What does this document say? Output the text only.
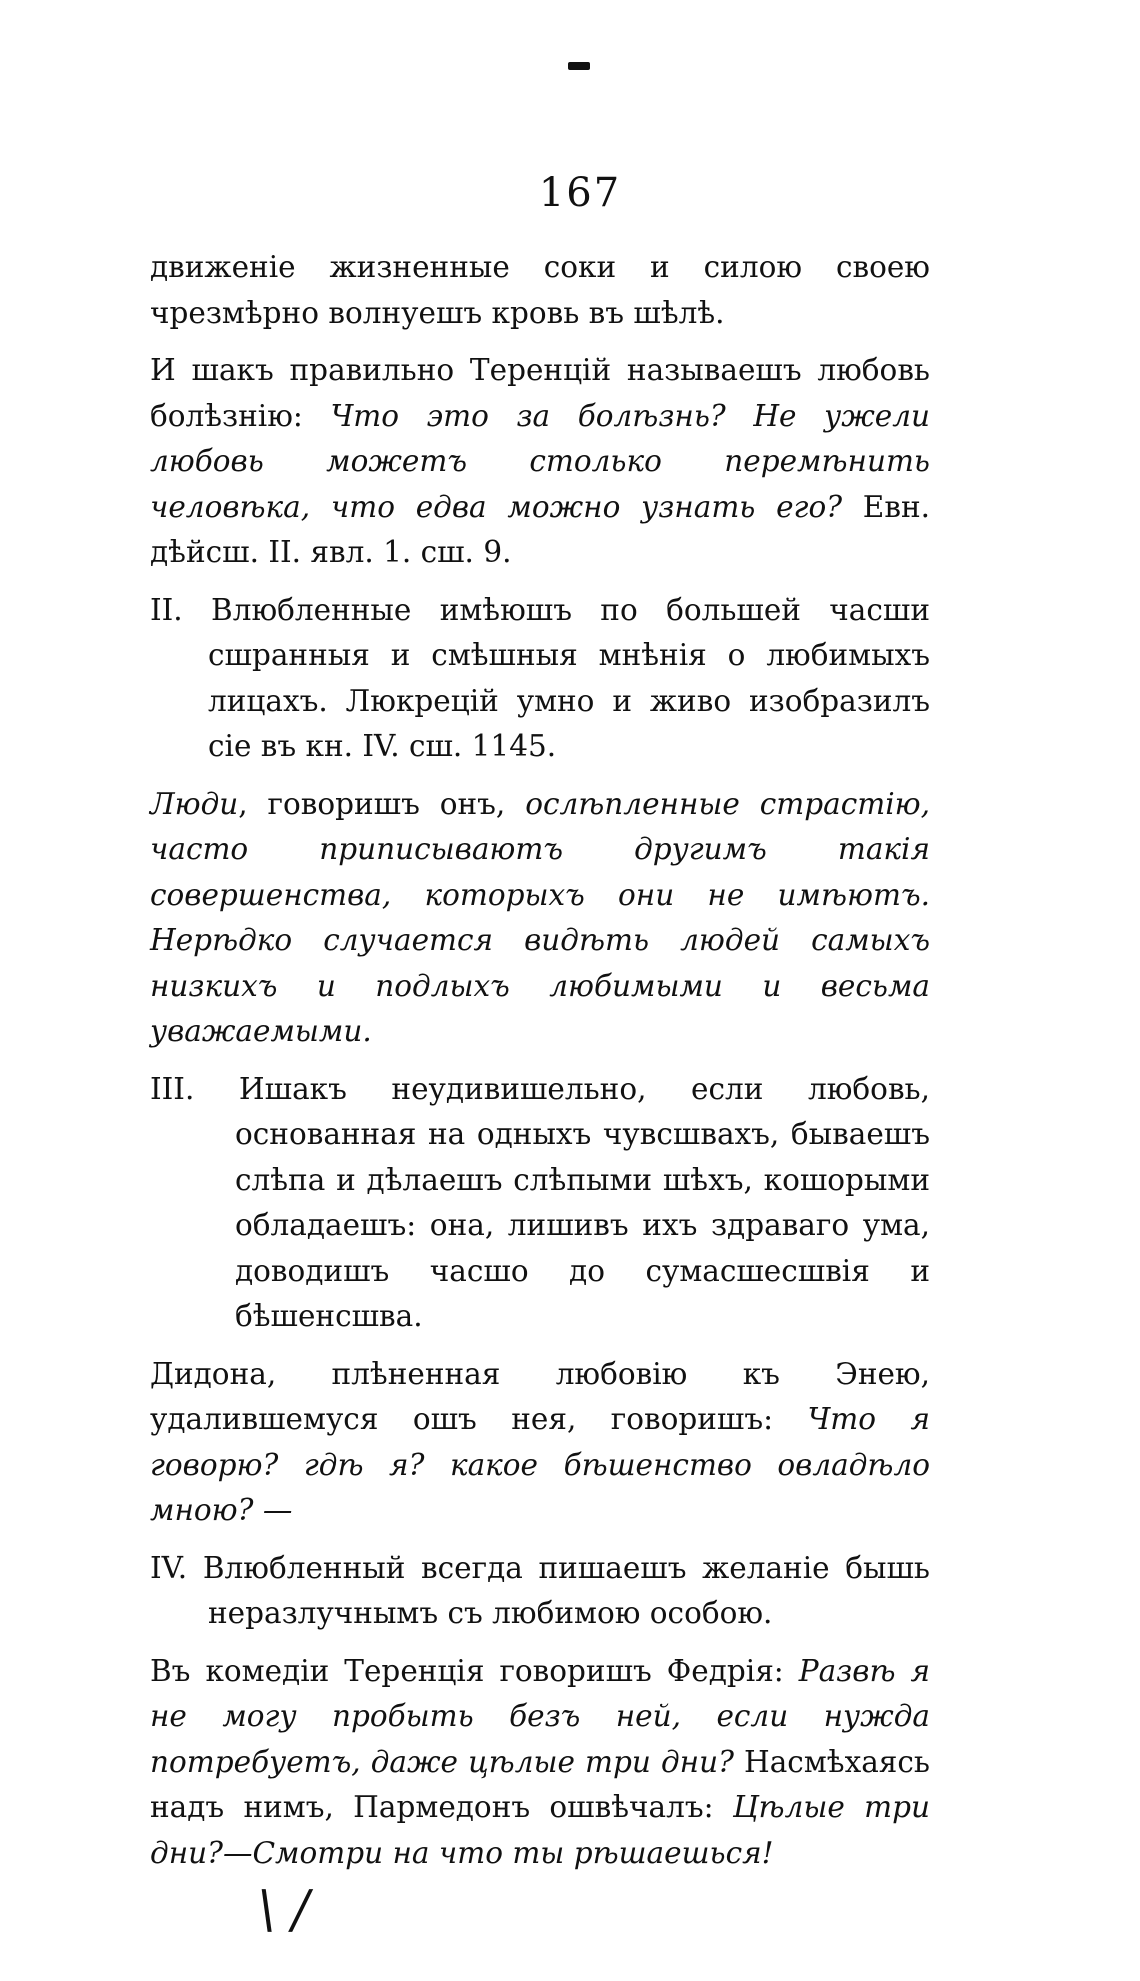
167

движеніе жизненные соки и силою своею чрезмѣрно волнуешъ кровь въ шѣлѣ.

И шакъ правильно Теренцій называешъ любовь болѣзнію: Что это за болѣзнь? Не ужели любовь можетъ столько перемѣнить человѣка, что едва можно узнать его? Евн. дѣйсш. II. явл. 1. сш. 9.

II. Влюбленные имѣюшъ по большей часши сшранныя и смѣшныя мнѣнія о любимыхъ лицахъ. Люкрецій умно и живо изобразилъ сіе въ кн. IV. сш. 1145.

Люди, говоришъ онъ, ослѣпленные страстію, часто приписываютъ другимъ такія совершенства, которыхъ они не имѣютъ. Нерѣдко случается видѣть людей самыхъ низкихъ и подлыхъ любимыми и весьма уважаемыми.

III. Ишакъ неудивишельно, если любовь, основанная на одныхъ чувсшвахъ, бываешъ слѣпа и дѣлаешъ слѣпыми шѣхъ, кошорыми обладаешъ: она, лишивъ ихъ здраваго ума, доводишъ часшо до сумасшесшвія и бѣшенсшва.

Дидона, плѣненная любовію къ Энею, удалившемуся ошъ нея, говоришъ: Что я говорю? гдѣ я? какое бѣшенство овладѣло мною? —

IV. Влюбленный всегда пишаешъ желаніе бышь неразлучнымъ съ любимою особою.

Въ комедіи Теренція говоришъ Федрія: Развѣ я не могу пробыть безъ ней, если нужда потребуетъ, даже цѣлые три дни? Насмѣхаясь надъ нимъ, Пармедонъ ошвѣчалъ: Цѣлые три дни?—Смотри на что ты рѣшаешься!

\ /
